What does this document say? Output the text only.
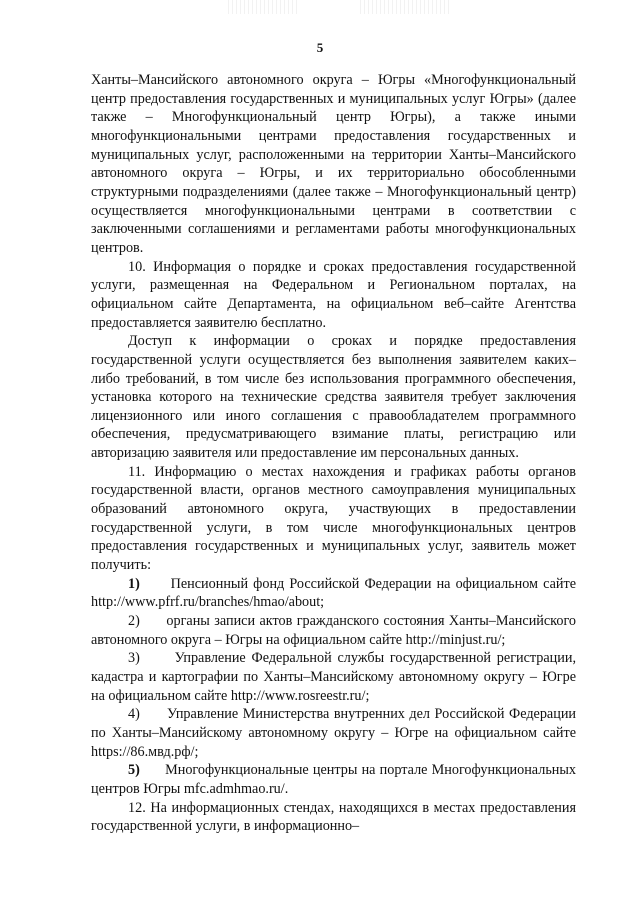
5

Ханты–Мансийского автономного округа – Югры «Многофункциональный центр предоставления государственных и муниципальных услуг Югры» (далее также – Многофункциональный центр Югры), а также иными многофункциональными центрами предоставления государственных и муниципальных услуг, расположенными на территории Ханты–Мансийского автономного округа – Югры, и их территориально обособленными структурными подразделениями (далее также – Многофункциональный центр) осуществляется многофункциональными центрами в соответствии с заключенными соглашениями и регламентами работы многофункциональных центров.

10. Информация о порядке и сроках предоставления государственной услуги, размещенная на Федеральном и Региональном порталах, на официальном сайте Департамента, на официальном веб–сайте Агентства предоставляется заявителю бесплатно.

Доступ к информации о сроках и порядке предоставления государственной услуги осуществляется без выполнения заявителем каких–либо требований, в том числе без использования программного обеспечения, установка которого на технические средства заявителя требует заключения лицензионного или иного соглашения с правообладателем программного обеспечения, предусматривающего взимание платы, регистрацию или авторизацию заявителя или предоставление им персональных данных.

11. Информацию о местах нахождения и графиках работы органов государственной власти, органов местного самоуправления муниципальных образований автономного округа, участвующих в предоставлении государственной услуги, в том числе многофункциональных центров предоставления государственных и муниципальных услуг, заявитель может получить:

1) Пенсионный фонд Российской Федерации на официальном сайте http://www.pfrf.ru/branches/hmao/about;

2) органы записи актов гражданского состояния Ханты–Мансийского автономного округа – Югры на официальном сайте http://minjust.ru/;

3) Управление Федеральной службы государственной регистрации, кадастра и картографии по Ханты–Мансийскому автономному округу – Югре на официальном сайте http://www.rosreestr.ru/;

4) Управление Министерства внутренних дел Российской Федерации по Ханты–Мансийскому автономному округу – Югре на официальном сайте https://86.мвд.рф/;

5) Многофункциональные центры на портале Многофункциональных центров Югры mfc.admhmao.ru/.

12. На информационных стендах, находящихся в местах предоставления государственной услуги, в информационно–
